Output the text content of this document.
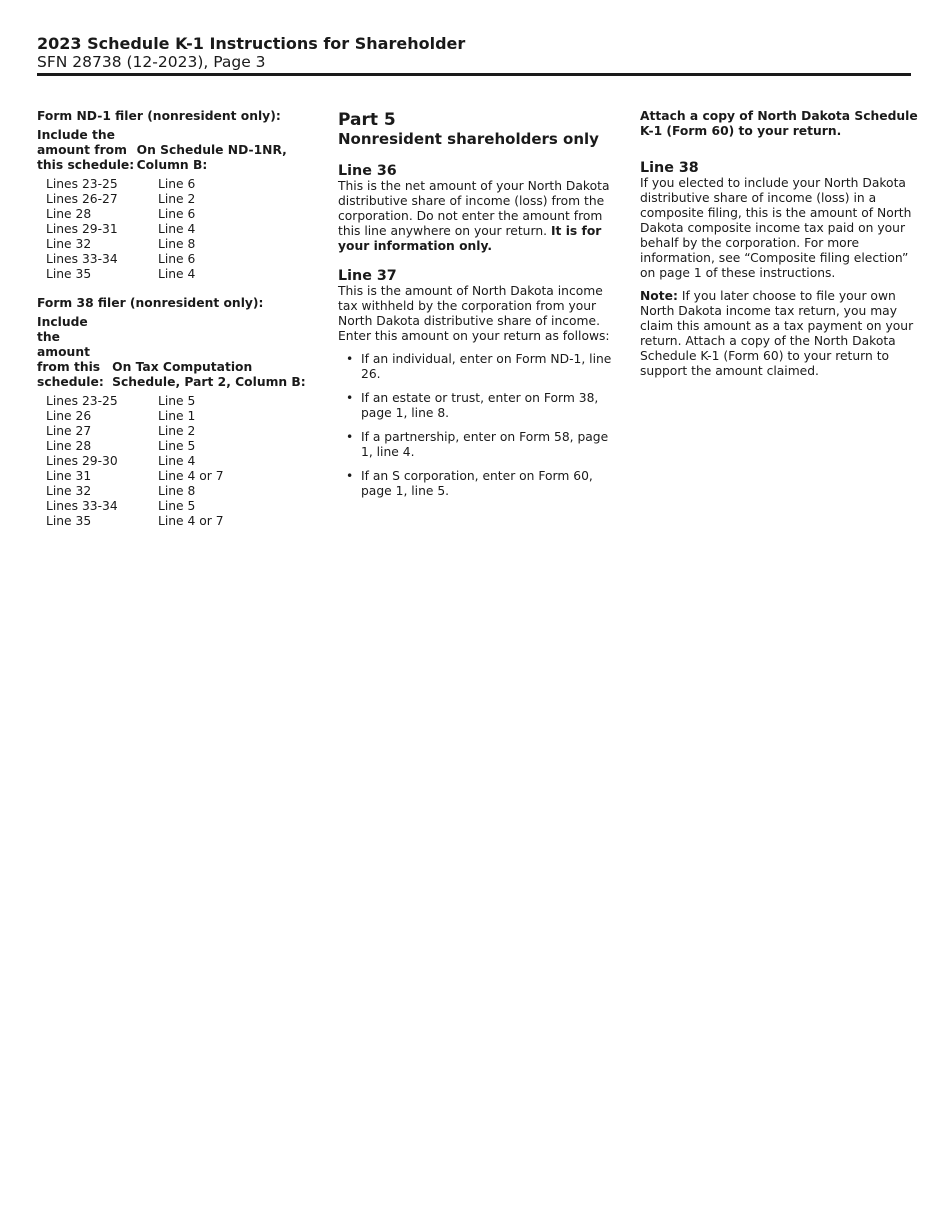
2023 Schedule K-1 Instructions for Shareholder
SFN 28738 (12-2023), Page 3
Form ND-1 filer (nonresident only):
Include the amount from this schedule:
On Schedule ND-1NR, Column B:
Lines 23-25	Line 6
Lines 26-27	Line 2
Line 28	Line 6
Lines 29-31	Line 4
Line 32	Line 8
Lines 33-34	Line 6
Line 35	Line 4
Form 38 filer (nonresident only):
Include the amount from this schedule:
On Tax Computation Schedule, Part 2, Column B:
Lines 23-25	Line 5
Line 26	Line 1
Line 27	Line 2
Line 28	Line 5
Lines 29-30	Line 4
Line 31	Line 4 or 7
Line 32	Line 8
Lines 33-34	Line 5
Line 35	Line 4 or 7
Part 5
Nonresident shareholders only
Line 36

This is the net amount of your North Dakota distributive share of income (loss) from the corporation. Do not enter the amount from this line anywhere on your return. It is for your information only.

Line 37

This is the amount of North Dakota income tax withheld by the corporation from your North Dakota distributive share of income. Enter this amount on your return as follows:

• If an individual, enter on Form ND-1, line 26.
• If an estate or trust, enter on Form 38, page 1, line 8.
• If a partnership, enter on Form 58, page 1, line 4.
• If an S corporation, enter on Form 60, page 1, line 5.

Attach a copy of North Dakota Schedule K-1 (Form 60) to your return.

Line 38

If you elected to include your North Dakota distributive share of income (loss) in a composite filing, this is the amount of North Dakota composite income tax paid on your behalf by the corporation. For more information, see “Composite filing election” on page 1 of these instructions.

Note: If you later choose to file your own North Dakota income tax return, you may claim this amount as a tax payment on your return. Attach a copy of the North Dakota Schedule K-1 (Form 60) to your return to support the amount claimed.
